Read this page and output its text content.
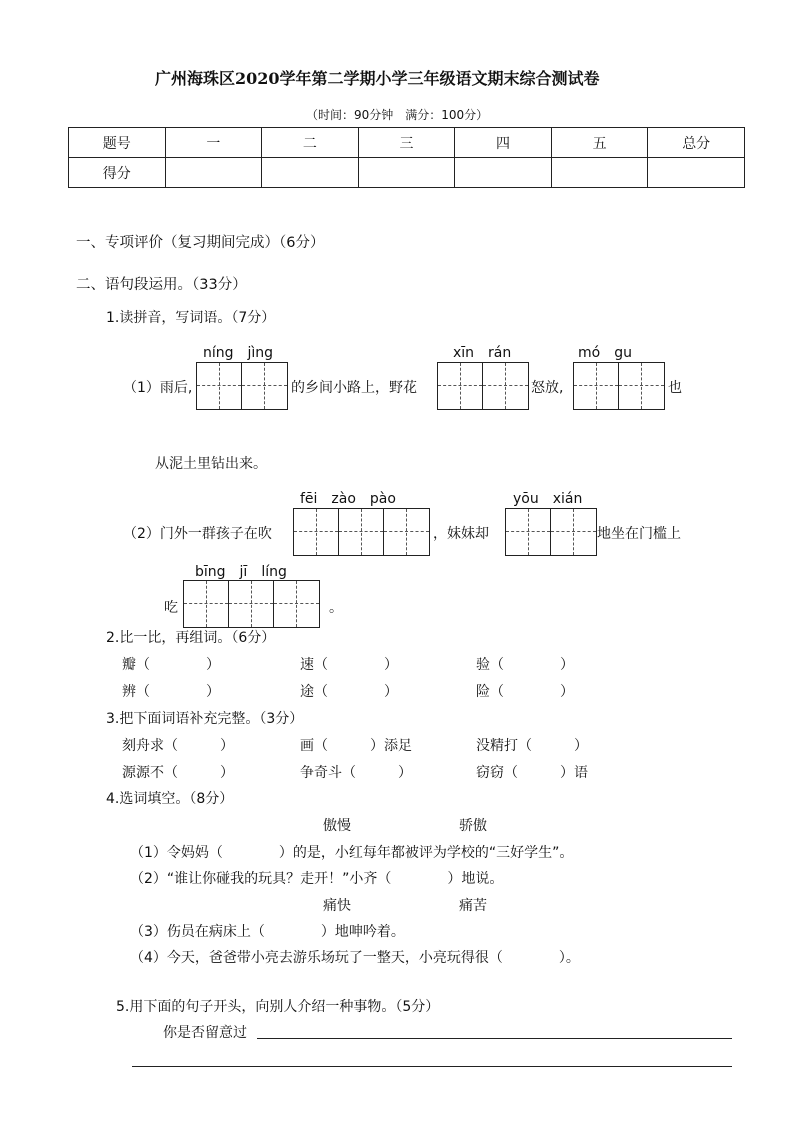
广州海珠区2020学年第二学期小学三年级语文期末综合测试卷
（时间：90分钟　满分：100分）
题号	一	二	三	四	五	总分
得分						
一、专项评价（复习期间完成）（6分）
二、语句段运用。（33分）
1.读拼音，写词语。（7分）
níng　jìng	xīn　rán	mó　gu
（1）雨后,	的乡间小路上，野花	怒放,	也
从泥土里钻出来。
fēi　zào　pào	yōu　xián
（2）门外一群孩子在吹	，妹妹却	地坐在门槛上
bīng　jī　líng
吃	。
2.比一比，再组词。（6分）
瓣（　　　　）	速（　　　　）	验（　　　　）
辨（　　　　）	途（　　　　）	险（　　　　）
3.把下面词语补充完整。（3分）
刻舟求（　　　）	画（　　　）添足	没精打（　　　）
源源不（　　　）	争奇斗（　　　）	窃窃（　　　）语
4.选词填空。（8分）
傲慢	骄傲
（1）令妈妈（　　　　）的是，小红每年都被评为学校的“三好学生”。
（2）“谁让你碰我的玩具？走开！”小齐（　　　　）地说。
痛快	痛苦
（3）伤员在病床上（　　　　）地呻吟着。
（4）今天，爸爸带小亮去游乐场玩了一整天，小亮玩得很（　　　　）。
5.用下面的句子开头，向别人介绍一种事物。（5分）
你是否留意过
